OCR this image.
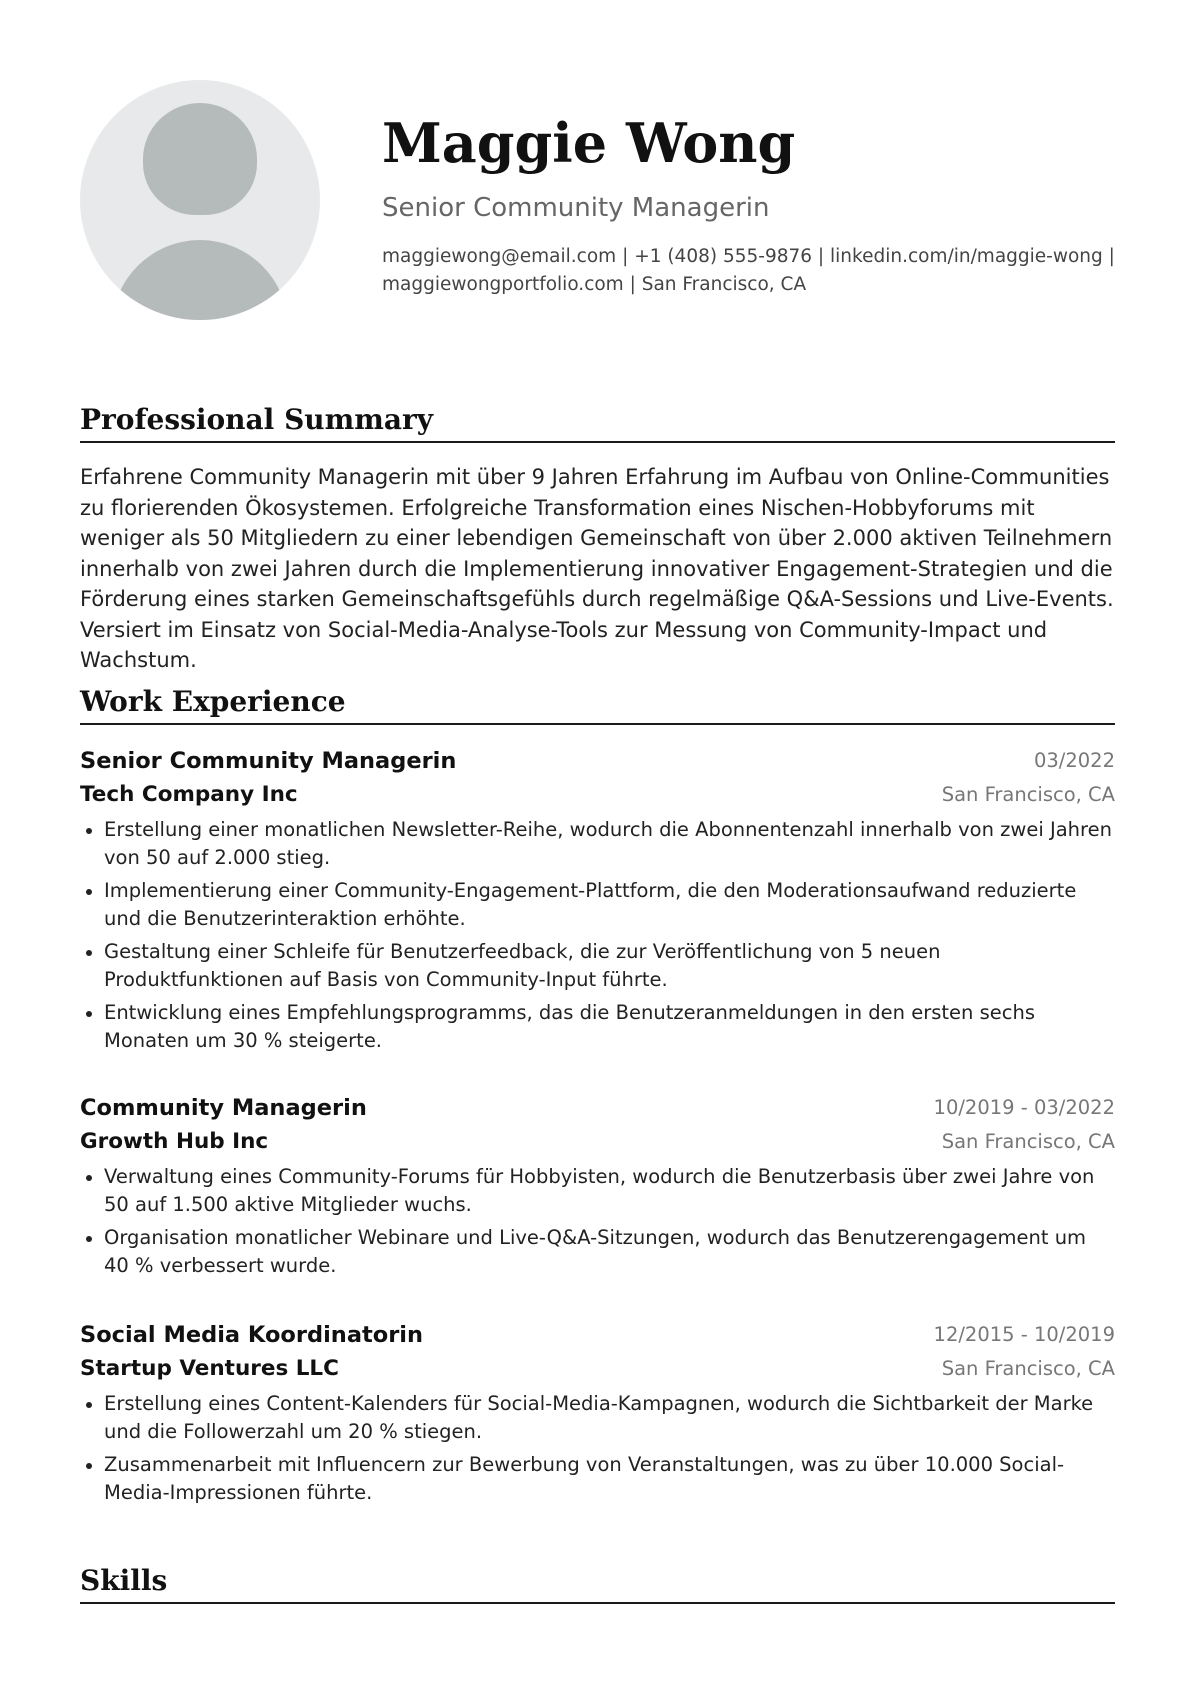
Maggie Wong
Senior Community Managerin
maggiewong@email.com | +1 (408) 555-9876 | linkedin.com/in/maggie-wong |
maggiewongportfolio.com | San Francisco, CA
Professional Summary

Erfahrene Community Managerin mit über 9 Jahren Erfahrung im Aufbau von Online-Communities zu florierenden Ökosystemen. Erfolgreiche Transformation eines Nischen-Hobbyforums mit weniger als 50 Mitgliedern zu einer lebendigen Gemeinschaft von über 2.000 aktiven Teilnehmern innerhalb von zwei Jahren durch die Implementierung innovativer Engagement-Strategien und die Förderung eines starken Gemeinschaftsgefühls durch regelmäßige Q&A-Sessions und Live-Events. Versiert im Einsatz von Social-Media-Analyse-Tools zur Messung von Community-Impact und Wachstum.

Work Experience
Senior Community Managerin	03/2022
Tech Company Inc	San Francisco, CA
Erstellung einer monatlichen Newsletter-Reihe, wodurch die Abonnentenzahl innerhalb von zwei Jahren von 50 auf 2.000 stieg.
Implementierung einer Community-Engagement-Plattform, die den Moderationsaufwand reduzierte und die Benutzerinteraktion erhöhte.
Gestaltung einer Schleife für Benutzerfeedback, die zur Veröffentlichung von 5 neuen Produktfunktionen auf Basis von Community-Input führte.
Entwicklung eines Empfehlungsprogramms, das die Benutzeranmeldungen in den ersten sechs Monaten um 30 % steigerte.
Community Managerin	10/2019 - 03/2022
Growth Hub Inc	San Francisco, CA
Verwaltung eines Community-Forums für Hobbyisten, wodurch die Benutzerbasis über zwei Jahre von 50 auf 1.500 aktive Mitglieder wuchs.
Organisation monatlicher Webinare und Live-Q&A-Sitzungen, wodurch das Benutzerengagement um 40 % verbessert wurde.
Social Media Koordinatorin	12/2015 - 10/2019
Startup Ventures LLC	San Francisco, CA
Erstellung eines Content-Kalenders für Social-Media-Kampagnen, wodurch die Sichtbarkeit der Marke und die Followerzahl um 20 % stiegen.
Zusammenarbeit mit Influencern zur Bewerbung von Veranstaltungen, was zu über 10.000 Social-Media-Impressionen führte.
Skills
